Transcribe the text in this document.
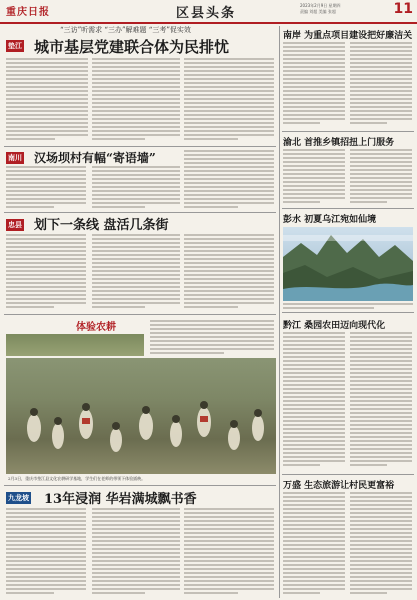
重庆日报	区县头条
2023年2月9日 星期四
责编 刘超 美编 张超	11
“三访”听需求 “三办”解难题 “三考”促实效
垫江 城市基层党建联合体为民排忧
南川 汉场坝村有幅“寄语墙”
忠县 划下一条线 盘活几条街
体验农耕
2月3日，重庆市垫江县文化农耕研学基地，学生们在老师的带领下体验插秧。
九龙坡 13年浸润 华岩满城飘书香
南岸 为重点项目建设把好廉洁关
渝北 首推乡镇招扭上门服务
彭水 初夏乌江宛如仙境
黔江 桑园农田迈向现代化
万盛 生态旅游让村民更富裕
